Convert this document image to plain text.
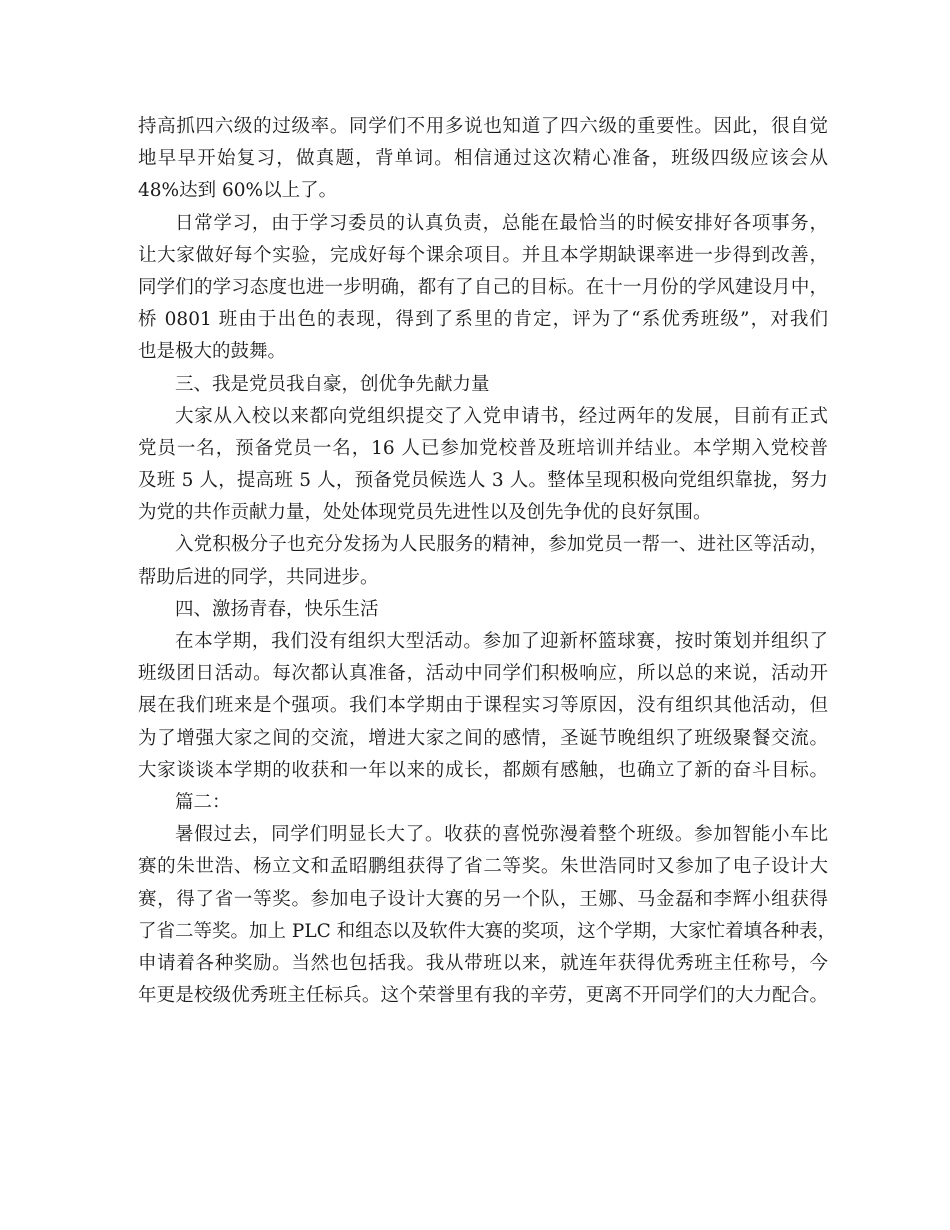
持高抓四六级的过级率。同学们不用多说也知道了四六级的重要性。因此，很自觉
地早早开始复习，做真题，背单词。相信通过这次精心准备，班级四级应该会从
48%达到 60%以上了。
日常学习，由于学习委员的认真负责，总能在最恰当的时候安排好各项事务，
让大家做好每个实验，完成好每个课余项目。并且本学期缺课率进一步得到改善，
同学们的学习态度也进一步明确，都有了自己的目标。在十一月份的学风建设月中，
桥 0801 班由于出色的表现，得到了系里的肯定，评为了“系优秀班级”，对我们
也是极大的鼓舞。
三、我是党员我自豪，创优争先献力量
大家从入校以来都向党组织提交了入党申请书，经过两年的发展，目前有正式
党员一名，预备党员一名，16 人已参加党校普及班培训并结业。本学期入党校普
及班 5 人，提高班 5 人，预备党员候选人 3 人。整体呈现积极向党组织靠拢，努力
为党的共作贡献力量，处处体现党员先进性以及创先争优的良好氛围。
入党积极分子也充分发扬为人民服务的精神，参加党员一帮一、进社区等活动，
帮助后进的同学，共同进步。
四、激扬青春，快乐生活
在本学期，我们没有组织大型活动。参加了迎新杯篮球赛，按时策划并组织了
班级团日活动。每次都认真准备，活动中同学们积极响应，所以总的来说，活动开
展在我们班来是个强项。我们本学期由于课程实习等原因，没有组织其他活动，但
为了增强大家之间的交流，增进大家之间的感情，圣诞节晚组织了班级聚餐交流。
大家谈谈本学期的收获和一年以来的成长，都颇有感触，也确立了新的奋斗目标。
篇二：
暑假过去，同学们明显长大了。收获的喜悦弥漫着整个班级。参加智能小车比
赛的朱世浩、杨立文和孟昭鹏组获得了省二等奖。朱世浩同时又参加了电子设计大
赛，得了省一等奖。参加电子设计大赛的另一个队，王娜、马金磊和李辉小组获得
了省二等奖。加上 PLC 和组态以及软件大赛的奖项，这个学期，大家忙着填各种表，
申请着各种奖励。当然也包括我。我从带班以来，就连年获得优秀班主任称号，今
年更是校级优秀班主任标兵。这个荣誉里有我的辛劳，更离不开同学们的大力配合。
